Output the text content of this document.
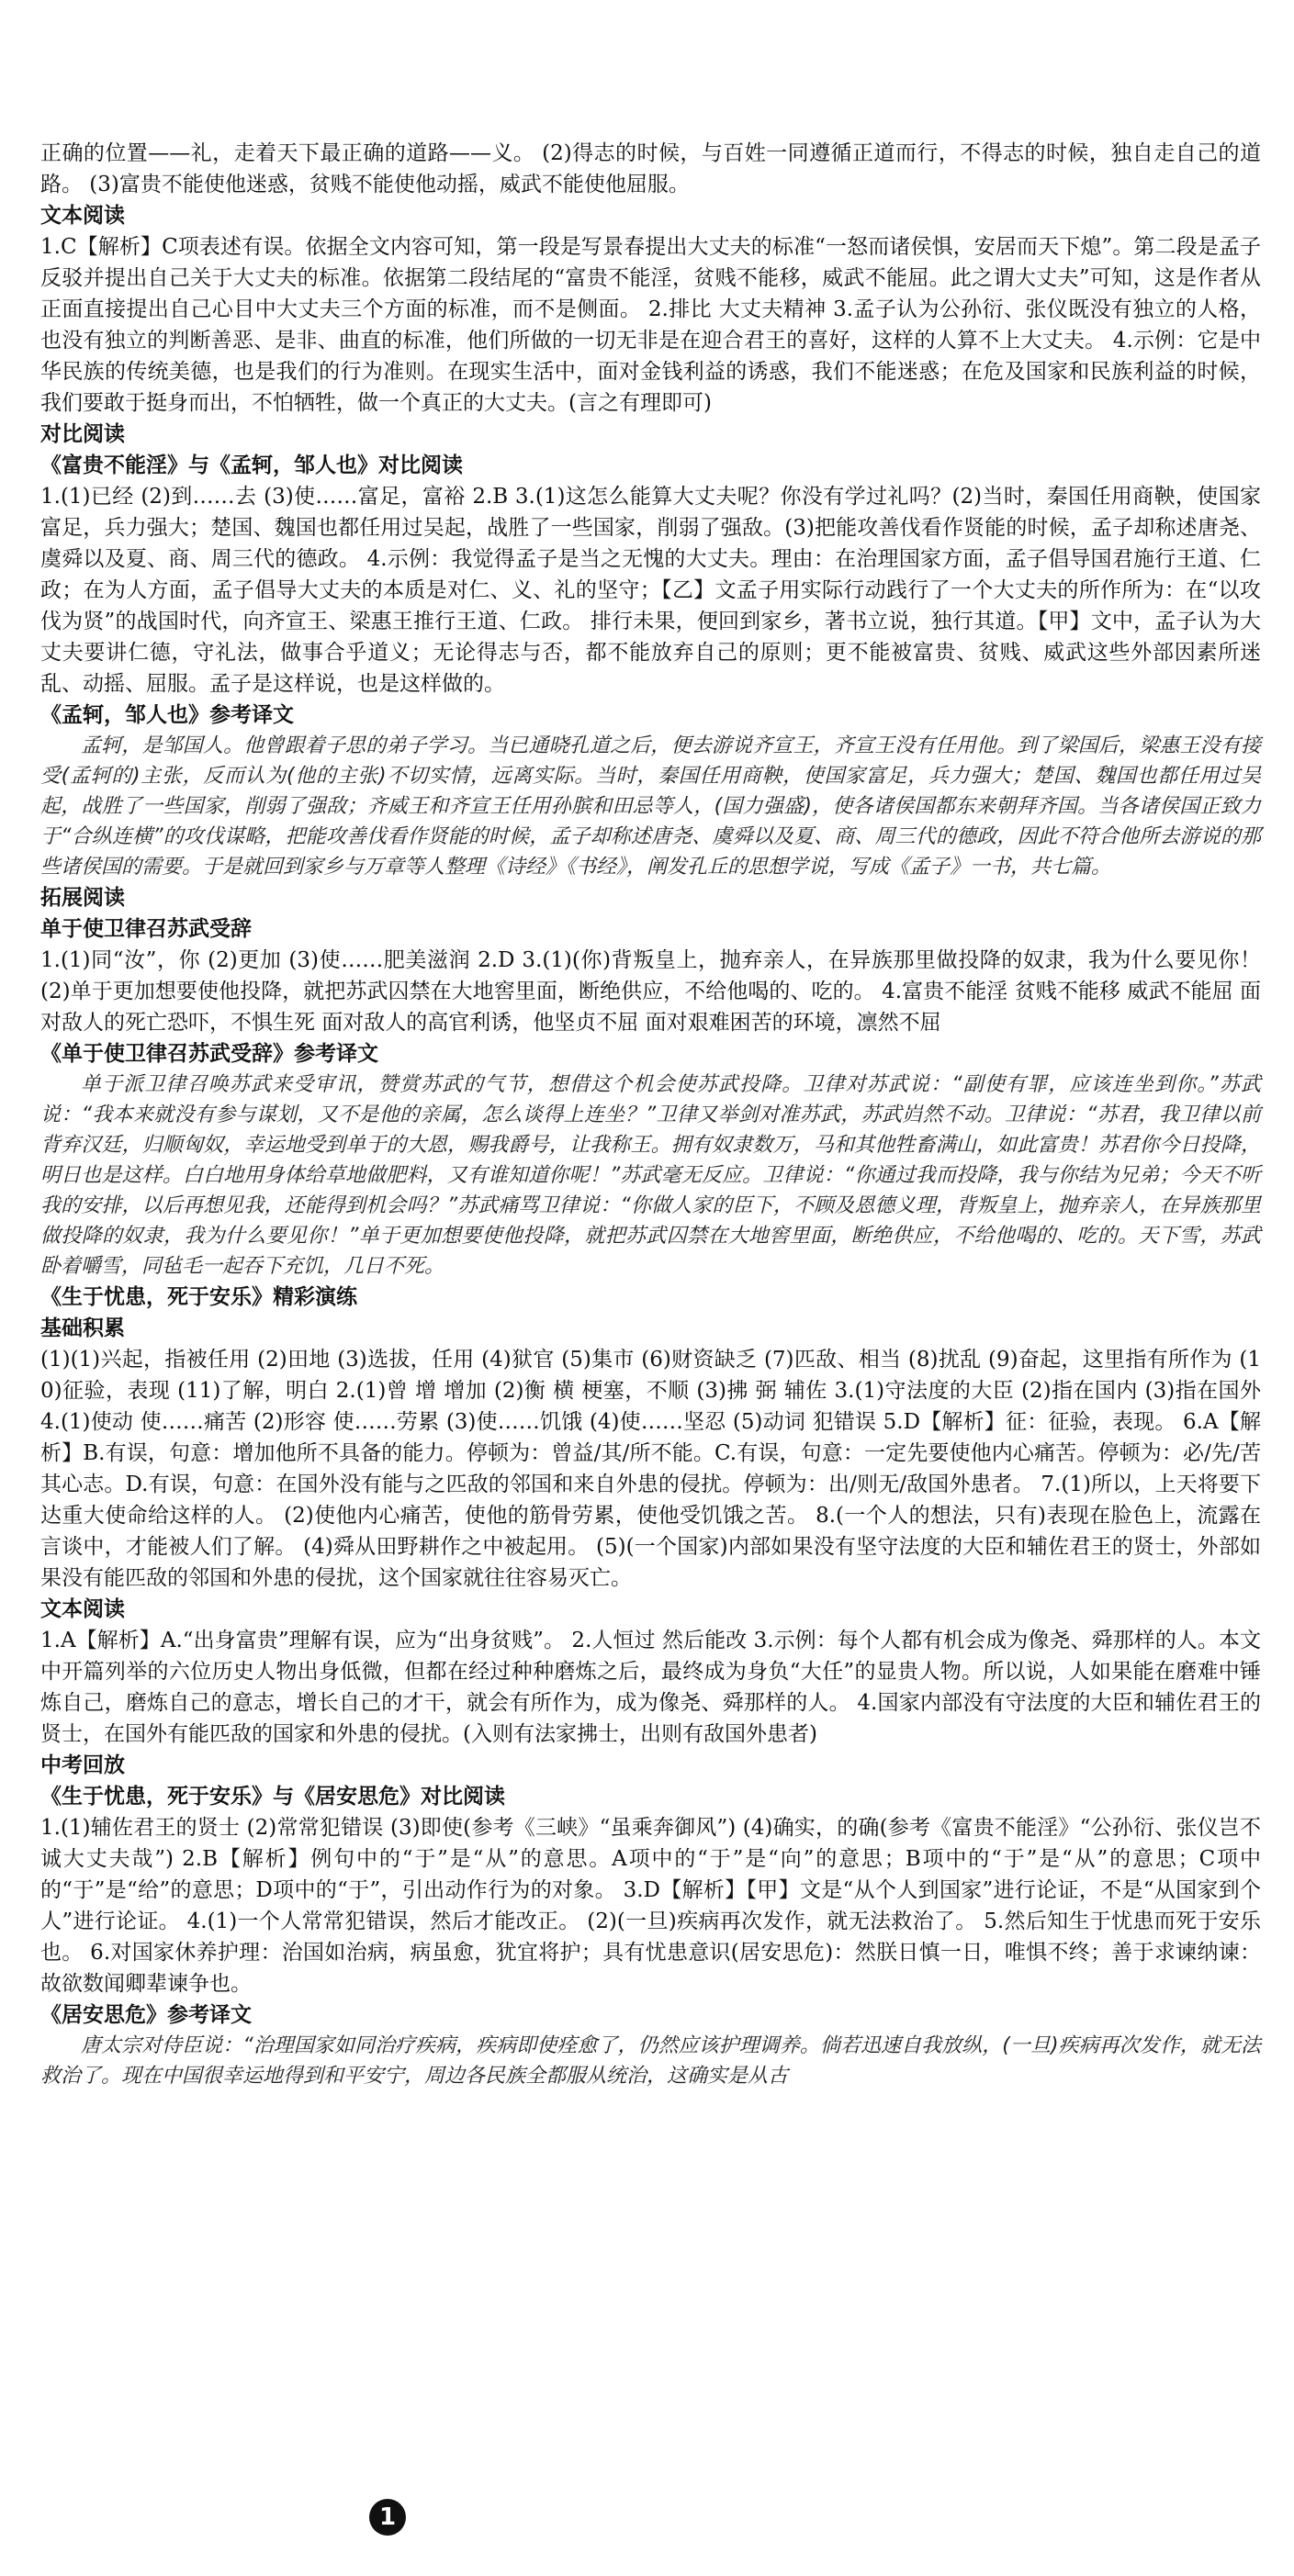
正确的位置——礼，走着天下最正确的道路——义。 (2)得志的时候，与百姓一同遵循正道而行，不得志的时候，独自走自己的道路。 (3)富贵不能使他迷惑，贫贱不能使他动摇，威武不能使他屈服。

文本阅读

1.C【解析】C项表述有误。依据全文内容可知，第一段是写景春提出大丈夫的标准“一怒而诸侯惧，安居而天下熄”。第二段是孟子反驳并提出自己关于大丈夫的标准。依据第二段结尾的“富贵不能淫，贫贱不能移，威武不能屈。此之谓大丈夫”可知，这是作者从正面直接提出自己心目中大丈夫三个方面的标准，而不是侧面。 2.排比 大丈夫精神 3.孟子认为公孙衍、张仪既没有独立的人格，也没有独立的判断善恶、是非、曲直的标准，他们所做的一切无非是在迎合君王的喜好，这样的人算不上大丈夫。 4.示例：它是中华民族的传统美德，也是我们的行为准则。在现实生活中，面对金钱利益的诱惑，我们不能迷惑；在危及国家和民族利益的时候，我们要敢于挺身而出，不怕牺牲，做一个真正的大丈夫。(言之有理即可)

对比阅读

《富贵不能淫》与《孟轲，邹人也》对比阅读

1.(1)已经 (2)到……去 (3)使……富足，富裕 2.B 3.(1)这怎么能算大丈夫呢？你没有学过礼吗？(2)当时，秦国任用商鞅，使国家富足，兵力强大；楚国、魏国也都任用过吴起，战胜了一些国家，削弱了强敌。(3)把能攻善伐看作贤能的时候，孟子却称述唐尧、虞舜以及夏、商、周三代的德政。 4.示例：我觉得孟子是当之无愧的大丈夫。理由：在治理国家方面，孟子倡导国君施行王道、仁政；在为人方面，孟子倡导大丈夫的本质是对仁、义、礼的坚守；【乙】文孟子用实际行动践行了一个大丈夫的所作所为：在“以攻伐为贤”的战国时代，向齐宣王、梁惠王推行王道、仁政。 排行未果，便回到家乡，著书立说，独行其道。【甲】文中，孟子认为大丈夫要讲仁德，守礼法，做事合乎道义；无论得志与否，都不能放弃自己的原则；更不能被富贵、贫贱、威武这些外部因素所迷乱、动摇、屈服。孟子是这样说，也是这样做的。

《孟轲，邹人也》参考译文

孟轲，是邹国人。他曾跟着子思的弟子学习。当已通晓孔道之后，便去游说齐宣王，齐宣王没有任用他。到了梁国后，梁惠王没有接受(孟轲的)主张，反而认为(他的主张)不切实情，远离实际。当时，秦国任用商鞅，使国家富足，兵力强大；楚国、魏国也都任用过吴起，战胜了一些国家，削弱了强敌；齐威王和齐宣王任用孙膑和田忌等人，(国力强盛)，使各诸侯国都东来朝拜齐国。当各诸侯国正致力于“合纵连横”的攻伐谋略，把能攻善伐看作贤能的时候，孟子却称述唐尧、虞舜以及夏、商、周三代的德政，因此不符合他所去游说的那些诸侯国的需要。于是就回到家乡与万章等人整理《诗经》《书经》，阐发孔丘的思想学说，写成《孟子》一书，共七篇。

拓展阅读

单于使卫律召苏武受辞

1.(1)同“汝”，你 (2)更加 (3)使……肥美滋润 2.D 3.(1)(你)背叛皇上，抛弃亲人，在异族那里做投降的奴隶，我为什么要见你！ (2)单于更加想要使他投降，就把苏武囚禁在大地窖里面，断绝供应，不给他喝的、吃的。 4.富贵不能淫 贫贱不能移 威武不能屈 面对敌人的死亡恐吓，不惧生死 面对敌人的高官利诱，他坚贞不屈 面对艰难困苦的环境，凛然不屈

《单于使卫律召苏武受辞》参考译文

单于派卫律召唤苏武来受审讯，赞赏苏武的气节，想借这个机会使苏武投降。卫律对苏武说：“副使有罪，应该连坐到你。”苏武说：“我本来就没有参与谋划，又不是他的亲属，怎么谈得上连坐？”卫律又举剑对准苏武，苏武岿然不动。卫律说：“苏君，我卫律以前背弃汉廷，归顺匈奴，幸运地受到单于的大恩，赐我爵号，让我称王。拥有奴隶数万，马和其他牲畜满山，如此富贵！苏君你今日投降，明日也是这样。白白地用身体给草地做肥料，又有谁知道你呢！”苏武毫无反应。卫律说：“你通过我而投降，我与你结为兄弟；今天不听我的安排，以后再想见我，还能得到机会吗？”苏武痛骂卫律说：“你做人家的臣下，不顾及恩德义理，背叛皇上，抛弃亲人，在异族那里做投降的奴隶，我为什么要见你！”单于更加想要使他投降，就把苏武囚禁在大地窖里面，断绝供应，不给他喝的、吃的。天下雪，苏武卧着嚼雪，同毡毛一起吞下充饥，几日不死。

《生于忧患，死于安乐》精彩演练

基础积累

(1)(1)兴起，指被任用 (2)田地 (3)选拔，任用 (4)狱官 (5)集市 (6)财资缺乏 (7)匹敌、相当 (8)扰乱 (9)奋起，这里指有所作为 (10)征验，表现 (11)了解，明白 2.(1)曾 增 增加 (2)衡 横 梗塞，不顺 (3)拂 弼 辅佐 3.(1)守法度的大臣 (2)指在国内 (3)指在国外 4.(1)使动 使……痛苦 (2)形容 使……劳累 (3)使……饥饿 (4)使……坚忍 (5)动词 犯错误 5.D【解析】征：征验，表现。 6.A【解析】B.有误，句意：增加他所不具备的能力。停顿为：曾益/其/所不能。C.有误，句意：一定先要使他内心痛苦。停顿为：必/先/苦其心志。D.有误，句意：在国外没有能与之匹敌的邻国和来自外患的侵扰。停顿为：出/则无/敌国外患者。 7.(1)所以，上天将要下达重大使命给这样的人。 (2)使他内心痛苦，使他的筋骨劳累，使他受饥饿之苦。 8.(一个人的想法，只有)表现在脸色上，流露在言谈中，才能被人们了解。 (4)舜从田野耕作之中被起用。 (5)(一个国家)内部如果没有坚守法度的大臣和辅佐君王的贤士，外部如果没有能匹敌的邻国和外患的侵扰，这个国家就往往容易灭亡。

文本阅读

1.A【解析】A.“出身富贵”理解有误，应为“出身贫贱”。 2.人恒过 然后能改 3.示例：每个人都有机会成为像尧、舜那样的人。本文中开篇列举的六位历史人物出身低微，但都在经过种种磨炼之后，最终成为身负“大任”的显贵人物。所以说，人如果能在磨难中锤炼自己，磨炼自己的意志，增长自己的才干，就会有所作为，成为像尧、舜那样的人。 4.国家内部没有守法度的大臣和辅佐君王的贤士，在国外有能匹敌的国家和外患的侵扰。(入则有法家拂士，出则有敌国外患者)

中考回放

《生于忧患，死于安乐》与《居安思危》对比阅读

1.(1)辅佐君王的贤士 (2)常常犯错误 (3)即使(参考《三峡》“虽乘奔御风”) (4)确实，的确(参考《富贵不能淫》“公孙衍、张仪岂不诚大丈夫哉”) 2.B【解析】例句中的“于”是“从”的意思。A项中的“于”是“向”的意思；B项中的“于”是“从”的意思；C项中的“于”是“给”的意思；D项中的“于”，引出动作行为的对象。 3.D【解析】【甲】文是“从个人到国家”进行论证，不是“从国家到个人”进行论证。 4.(1)一个人常常犯错误，然后才能改正。 (2)(一旦)疾病再次发作，就无法救治了。 5.然后知生于忧患而死于安乐也。 6.对国家休养护理：治国如治病，病虽愈，犹宜将护；具有忧患意识(居安思危)：然朕日慎一日，唯惧不终；善于求谏纳谏：故欲数闻卿辈谏争也。

《居安思危》参考译文

唐太宗对侍臣说：“治理国家如同治疗疾病，疾病即使痊愈了，仍然应该护理调养。倘若迅速自我放纵，(一旦)疾病再次发作，就无法救治了。现在中国很幸运地得到和平安宁，周边各民族全都服从统治，这确实是从古

1
